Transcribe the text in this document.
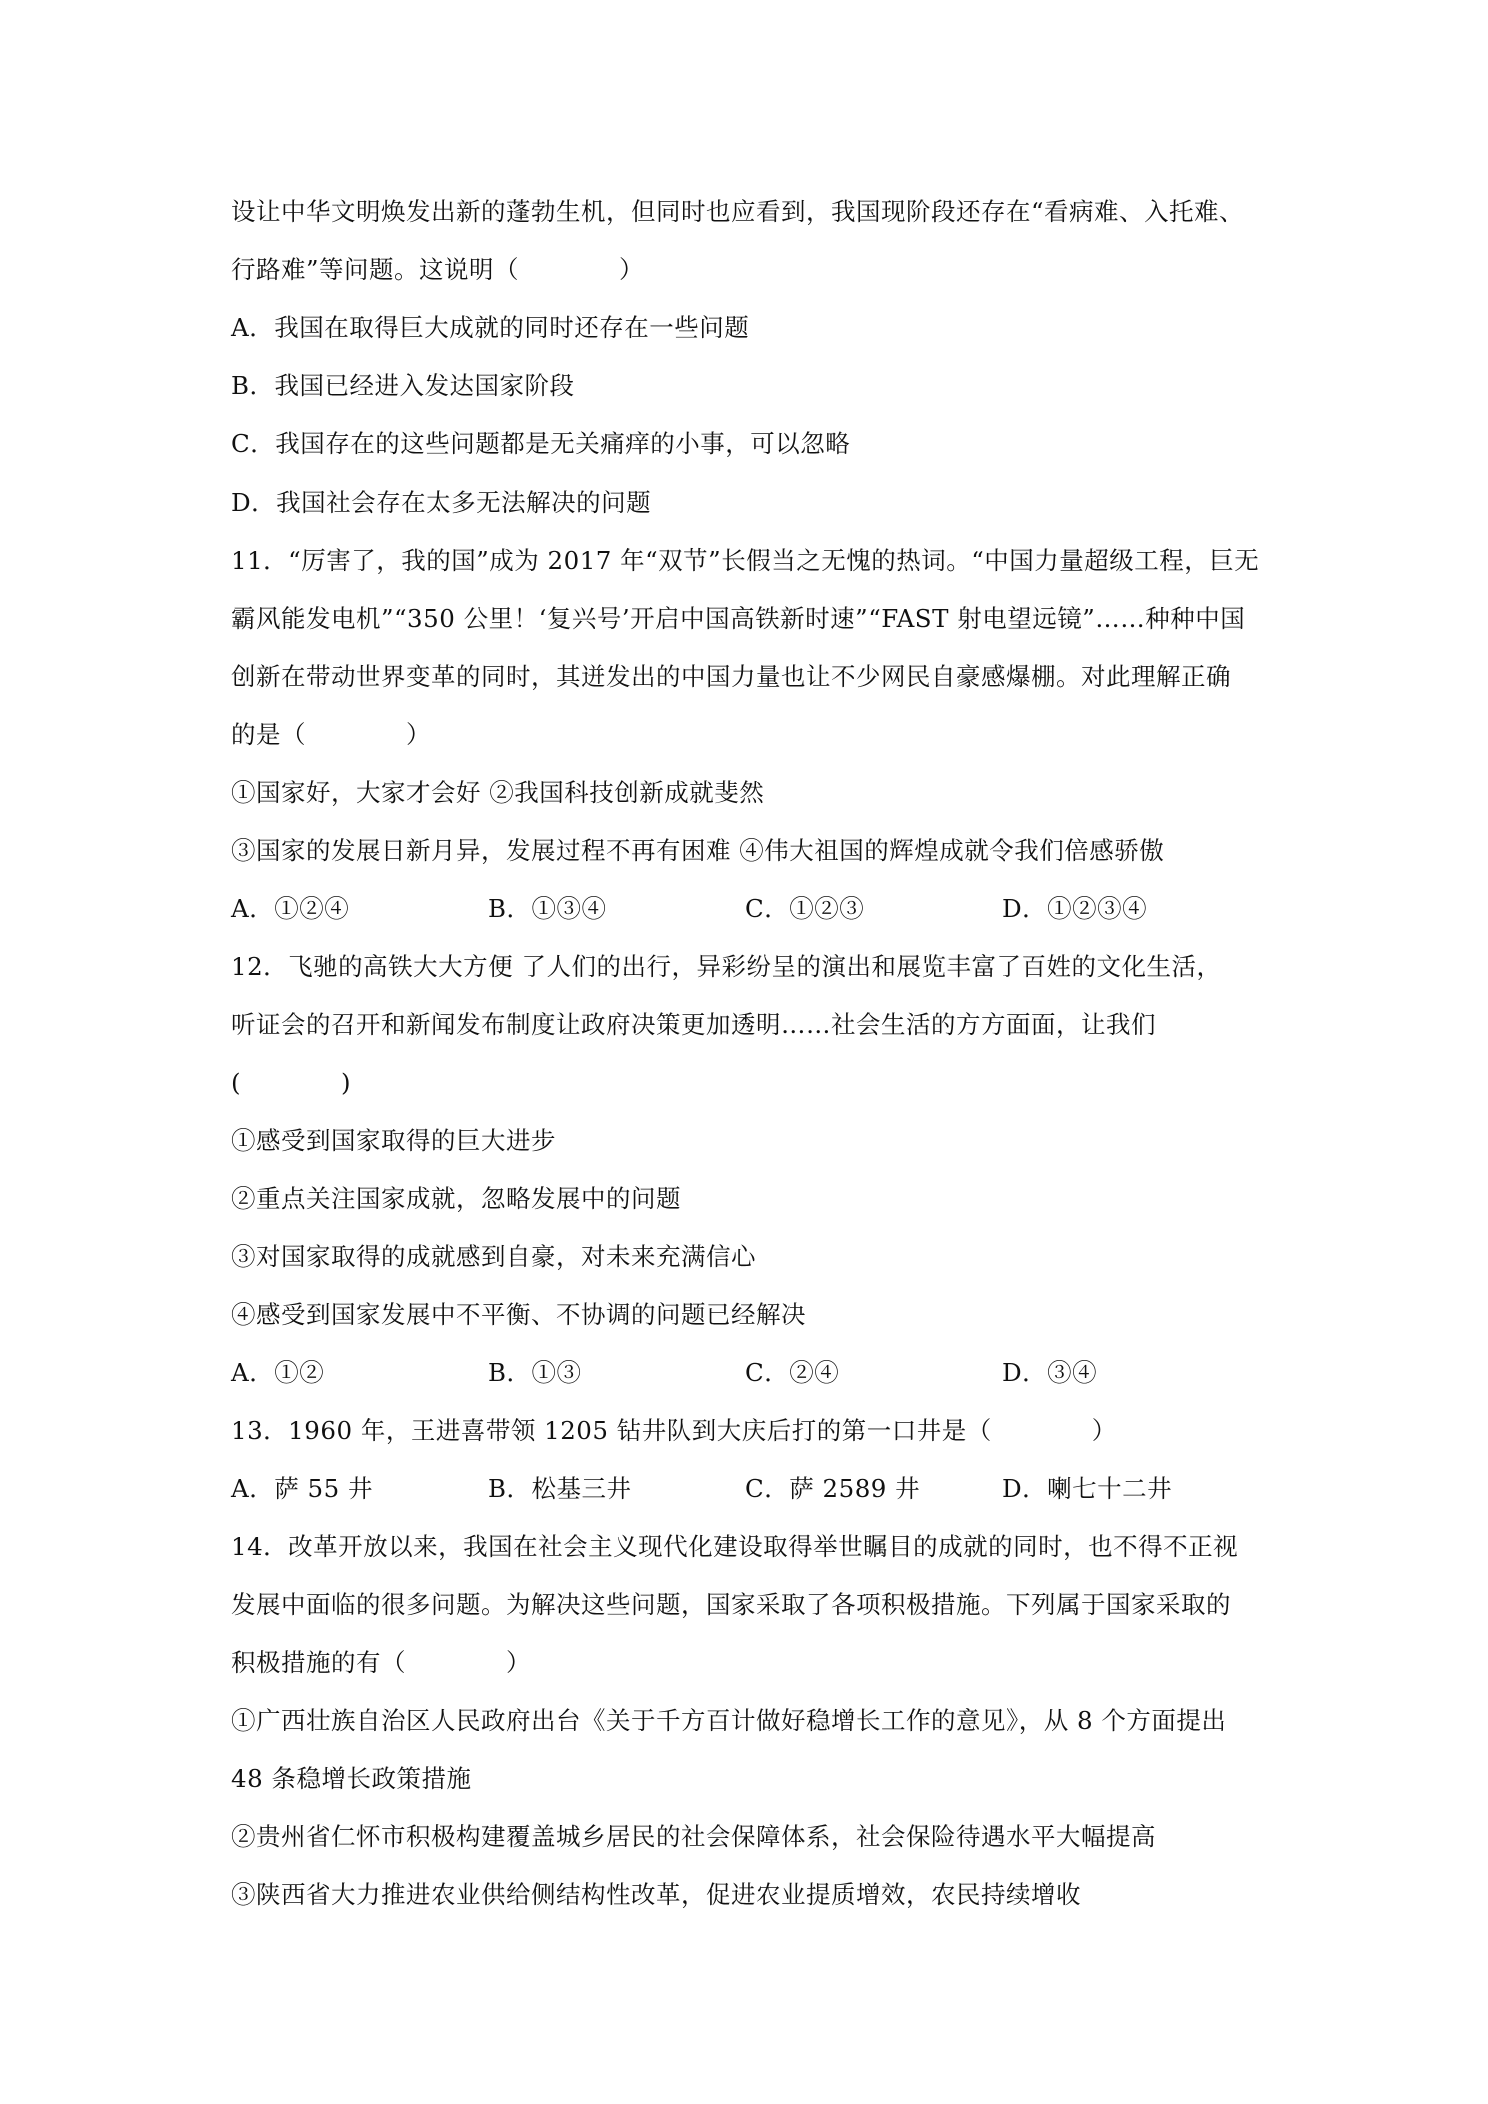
设让中华文明焕发出新的蓬勃生机，但同时也应看到，我国现阶段还存在“看病难、入托难、
行路难”等问题。这说明（　　　　）
A．我国在取得巨大成就的同时还存在一些问题
B．我国已经进入发达国家阶段
C．我国存在的这些问题都是无关痛痒的小事，可以忽略
D．我国社会存在太多无法解决的问题
11．“厉害了，我的国”成为 2017 年“双节”长假当之无愧的热词。“中国力量超级工程，巨无
霸风能发电机”“350 公里！‘复兴号’开启中国高铁新时速”“FAST 射电望远镜”……种种中国
创新在带动世界变革的同时，其迸发出的中国力量也让不少网民自豪感爆棚。对此理解正确
的是（　　　　）
①国家好，大家才会好 ②我国科技创新成就斐然
③国家的发展日新月异，发展过程不再有困难 ④伟大祖国的辉煌成就令我们倍感骄傲
A．①②④	B．①③④	C．①②③	D．①②③④
12．飞驰的高铁大大方便 了人们的出行，异彩纷呈的演出和展览丰富了百姓的文化生活，
听证会的召开和新闻发布制度让政府决策更加透明……社会生活的方方面面，让我们
(　　　　)
①感受到国家取得的巨大进步
②重点关注国家成就，忽略发展中的问题
③对国家取得的成就感到自豪，对未来充满信心
④感受到国家发展中不平衡、不协调的问题已经解决
A．①②	B．①③	C．②④	D．③④
13．1960 年，王进喜带领 1205 钻井队到大庆后打的第一口井是（　　　　）
A．萨 55 井	B．松基三井	C．萨 2589 井	D．喇七十二井
14．改革开放以来，我国在社会主义现代化建设取得举世瞩目的成就的同时，也不得不正视
发展中面临的很多问题。为解决这些问题，国家采取了各项积极措施。下列属于国家采取的
积极措施的有（　　　　）
①广西壮族自治区人民政府出台《关于千方百计做好稳增长工作的意见》，从 8 个方面提出
48 条稳增长政策措施
②贵州省仁怀市积极构建覆盖城乡居民的社会保障体系，社会保险待遇水平大幅提高
③陕西省大力推进农业供给侧结构性改革，促进农业提质增效，农民持续增收
